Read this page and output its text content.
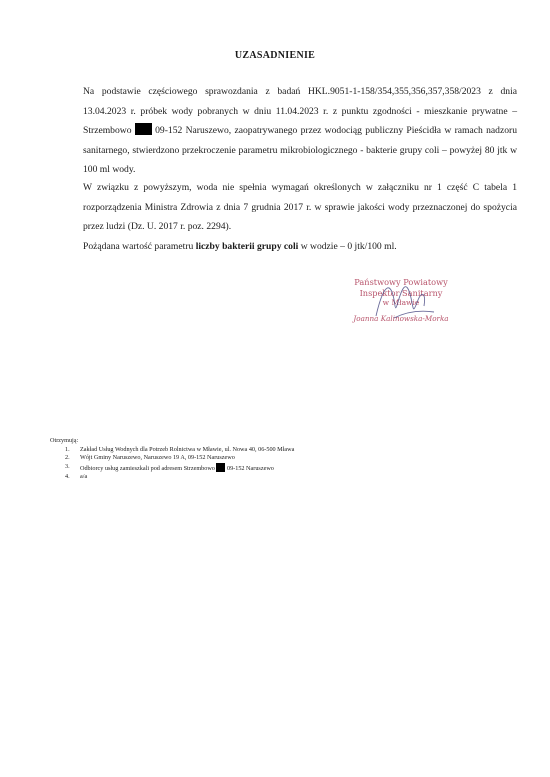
UZASADNIENIE
Na podstawie częściowego sprawozdania z badań HKL.9051-1-158/354,355,356,357,358/2023 z dnia 13.04.2023 r. próbek wody pobranych w dniu 11.04.2023 r. z punktu zgodności - mieszkanie prywatne – Strzembowo 09-152 Naruszewo, zaopatrywanego przez wodociąg publiczny Pieścidła w ramach nadzoru sanitarnego, stwierdzono przekroczenie parametru mikrobiologicznego - bakterie grupy coli – powyżej 80 jtk w 100 ml wody.
W związku z powyższym, woda nie spełnia wymagań określonych w załączniku nr 1 część C tabela 1 rozporządzenia Ministra Zdrowia z dnia 7 grudnia 2017 r. w sprawie jakości wody przeznaczonej do spożycia przez ludzi (Dz. U. 2017 r. poz. 2294).
Pożądana wartość parametru liczby bakterii grupy coli w wodzie – 0 jtk/100 ml.
Państwowy Powiatowy
Inspektor Sanitarny
w Mławie
Joanna Kalinowska-Morka
Otrzymują:
1. Zakład Usług Wodnych dla Potrzeb Rolnictwa w Mławie, ul. Nowa 40, 06-500 Mława
2. Wójt Gminy Naruszewo, Naruszewo 19 A, 09-152 Naruszewo
3. Odbiorcy usług zamieszkali pod adresem Strzembowo 09-152 Naruszewo
4. a/a
